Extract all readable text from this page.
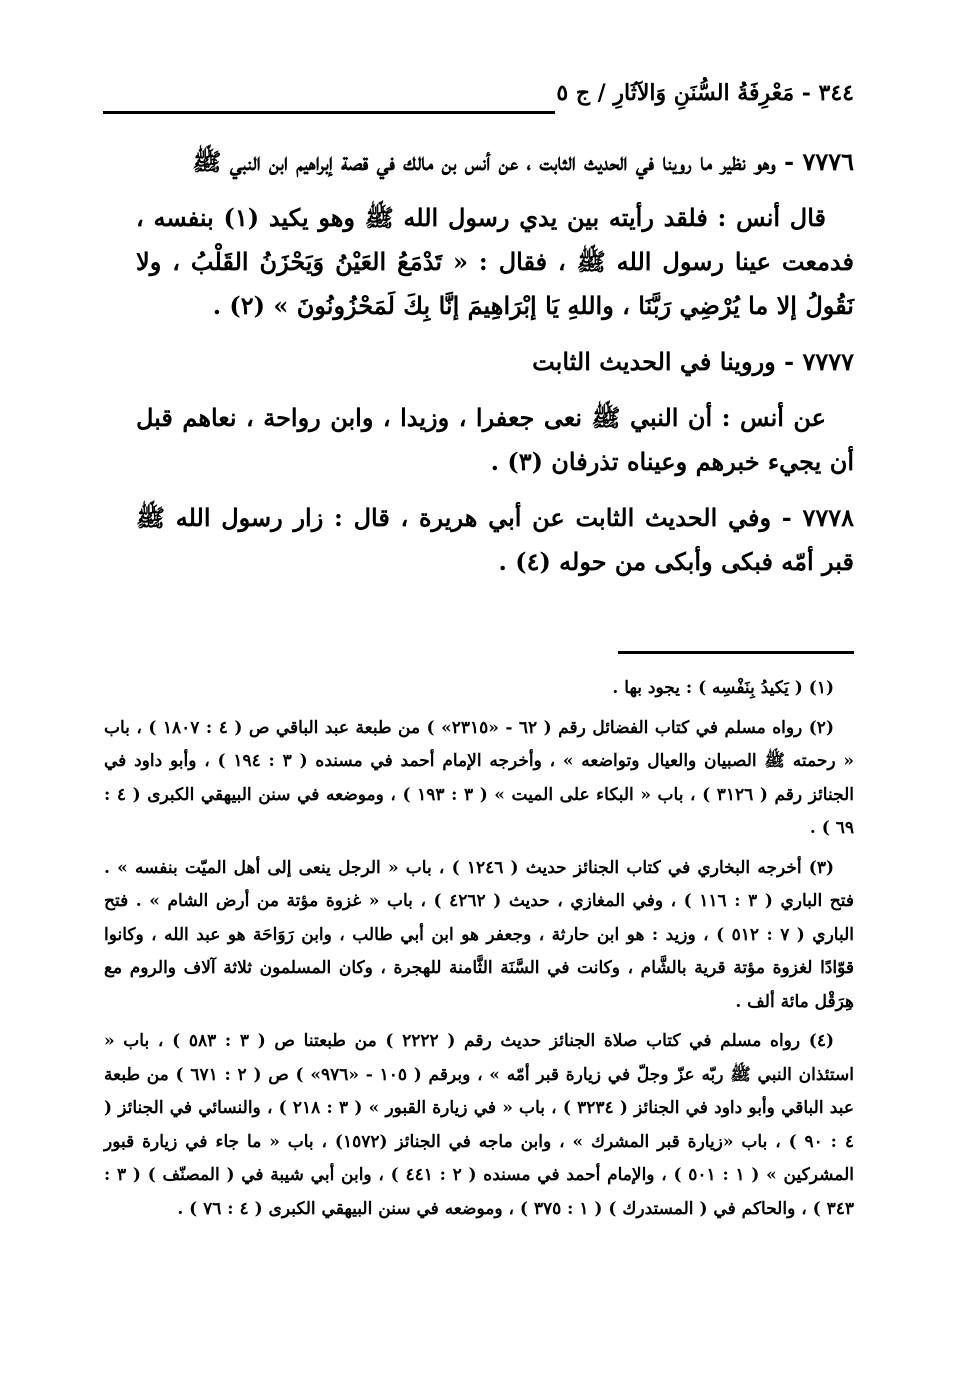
٣٤٤ - مَعْرِفَةُ السُّنَنِ وَالآثَارِ / ج ٥

٧٧٧٦ - وهو نظير ما روينا في الحديث الثابت ، عن أنس بن مالك في قصة إبراهيم ابن النبي ﷺ

قال أنس : فلقد رأيته بين يدي رسول الله ﷺ وهو يكيد (١) بنفسه ، فدمعت عينا رسول الله ﷺ ، فقال : « تَدْمَعُ العَيْنُ وَيَحْزَنُ القَلْبُ ، ولا نَقُولُ إلا ما يُرْضِي رَبَّنَا ، واللهِ يَا إبْرَاهِيمَ إنَّا بِكَ لَمَحْزُونُونَ » (٢) .

٧٧٧٧ - وروينا في الحديث الثابت

عن أنس : أن النبي ﷺ نعى جعفرا ، وزيدا ، وابن رواحة ، نعاهم قبل أن يجيء خبرهم وعيناه تذرفان (٣) .

٧٧٧٨ - وفي الحديث الثابت عن أبي هريرة ، قال : زار رسول الله ﷺ قبر أمّه فبكى وأبكى من حوله (٤) .

(١) ( يَكيدُ بِنَفْسِه ) : يجود بها .

(٢) رواه مسلم في كتاب الفضائل رقم ( ٦٢ - «٢٣١٥» ) من طبعة عبد الباقي ص ( ٤ : ١٨٠٧ ) ، باب « رحمته ﷺ الصبيان والعيال وتواضعه » ، وأخرجه الإمام أحمد في مسنده ( ٣ : ١٩٤ ) ، وأبو داود في الجنائز رقم ( ٣١٢٦ ) ، باب « البكاء على الميت » ( ٣ : ١٩٣ ) ، وموضعه في سنن البيهقي الكبرى ( ٤ : ٦٩ ) .

(٣) أخرجه البخاري في كتاب الجنائز حديث ( ١٢٤٦ ) ، باب « الرجل ينعى إلى أهل الميّت بنفسه » . فتح الباري ( ٣ : ١١٦ ) ، وفي المغازي ، حديث ( ٤٢٦٢ ) ، باب « غزوة مؤتة من أرض الشام » . فتح الباري ( ٧ : ٥١٢ ) ، وزيد : هو ابن حارثة ، وجعفر هو ابن أبي طالب ، وابن رَوَاحَة هو عبد الله ، وكانوا قوّادًا لغزوة مؤتة قرية بالشَّام ، وكانت في السَّنَة الثَّامنة للهجرة ، وكان المسلمون ثلاثة آلاف والروم مع هِرَقْل مائة ألف .

(٤) رواه مسلم في كتاب صلاة الجنائز حديث رقم ( ٢٢٢٢ ) من طبعتنا ص ( ٣ : ٥٨٣ ) ، باب « استئذان النبي ﷺ ربّه عزّ وجلّ في زيارة قبر أمّه » ، وبرقم ( ١٠٥ - «٩٧٦» ) ص ( ٢ : ٦٧١ ) من طبعة عبد الباقي وأبو داود في الجنائز ( ٣٢٣٤ ) ، باب « في زيارة القبور » ( ٣ : ٢١٨ ) ، والنسائي في الجنائز ( ٤ : ٩٠ ) ، باب «زيارة قبر المشرك » ، وابن ماجه في الجنائز (١٥٧٢) ، باب « ما جاء في زيارة قبور المشركين » ( ١ : ٥٠١ ) ، والإمام أحمد في مسنده ( ٢ : ٤٤١ ) ، وابن أبي شيبة في ( المصنّف ) ( ٣ : ٣٤٣ ) ، والحاكم في ( المستدرك ) ( ١ : ٣٧٥ ) ، وموضعه في سنن البيهقي الكبرى ( ٤ : ٧٦ ) .
